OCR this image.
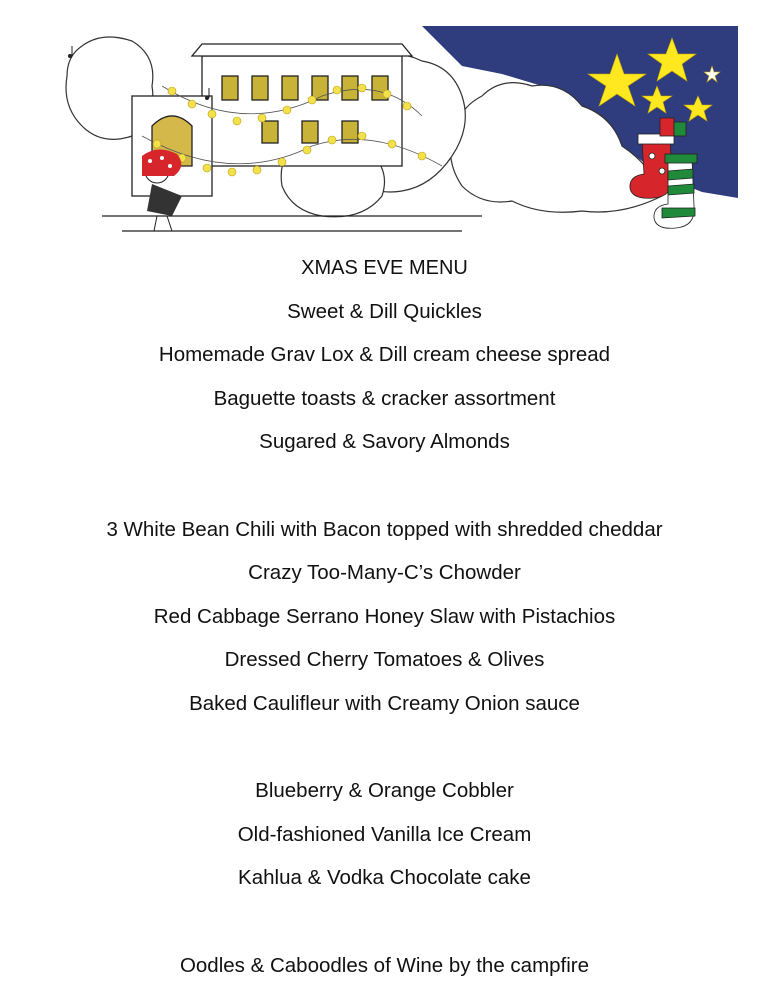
XMAS EVE MENU
Sweet & Dill Quickles
Homemade Grav Lox & Dill cream cheese spread
Baguette toasts & cracker assortment
Sugared & Savory Almonds
3 White Bean Chili with Bacon topped with shredded cheddar
Crazy Too-Many-C’s Chowder
Red Cabbage Serrano Honey Slaw with Pistachios
Dressed Cherry Tomatoes & Olives
Baked Caulifleur with Creamy Onion sauce
Blueberry & Orange Cobbler
Old-fashioned Vanilla Ice Cream
Kahlua & Vodka Chocolate cake
Oodles & Caboodles of Wine by the campfire
